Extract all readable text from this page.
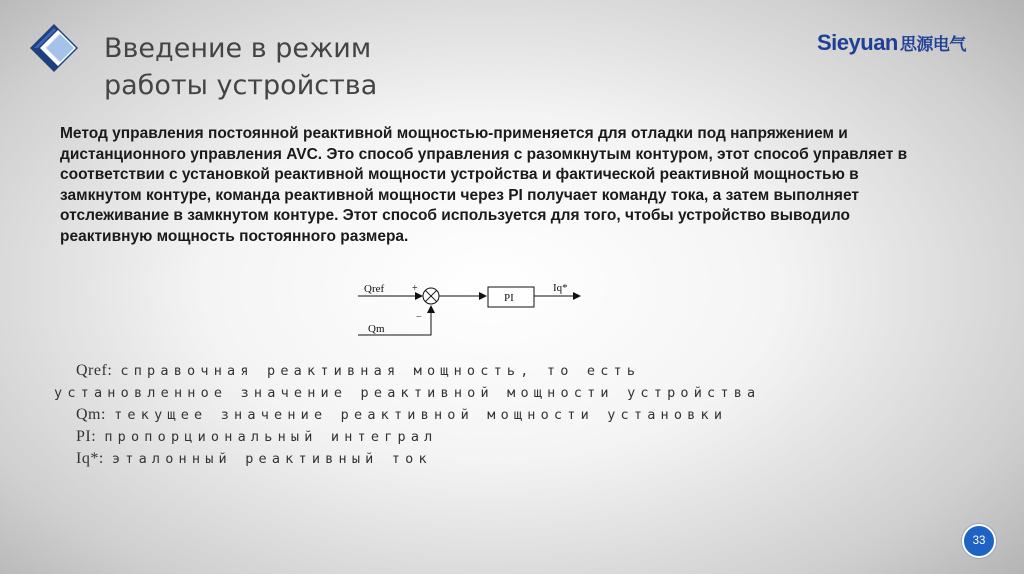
Введение в режим
работы устройства
Sieyuan 思源电气

Метод управления постоянной реактивной мощностью-применяется для отладки под напряжением и дистанционного управления AVC. Это способ управления с разомкнутым контуром, этот способ управляет в соответствии с установкой реактивной мощности устройства и фактической реактивной мощностью в замкнутом контуре, команда реактивной мощности через PI получает команду тока, а затем выполняет отслеживание в замкнутом контуре. Этот способ используется для того, чтобы устройство выводило реактивную мощность постоянного размера.

Qref	+
PI
Iq*
Qm
−
Qref: справочная реактивная мощность, то есть
установленное значение реактивной мощности устройства
Qm: текущее значение реактивной мощности установки
PI: пропорциональный интеграл
Iq*: эталонный реактивный ток
33
